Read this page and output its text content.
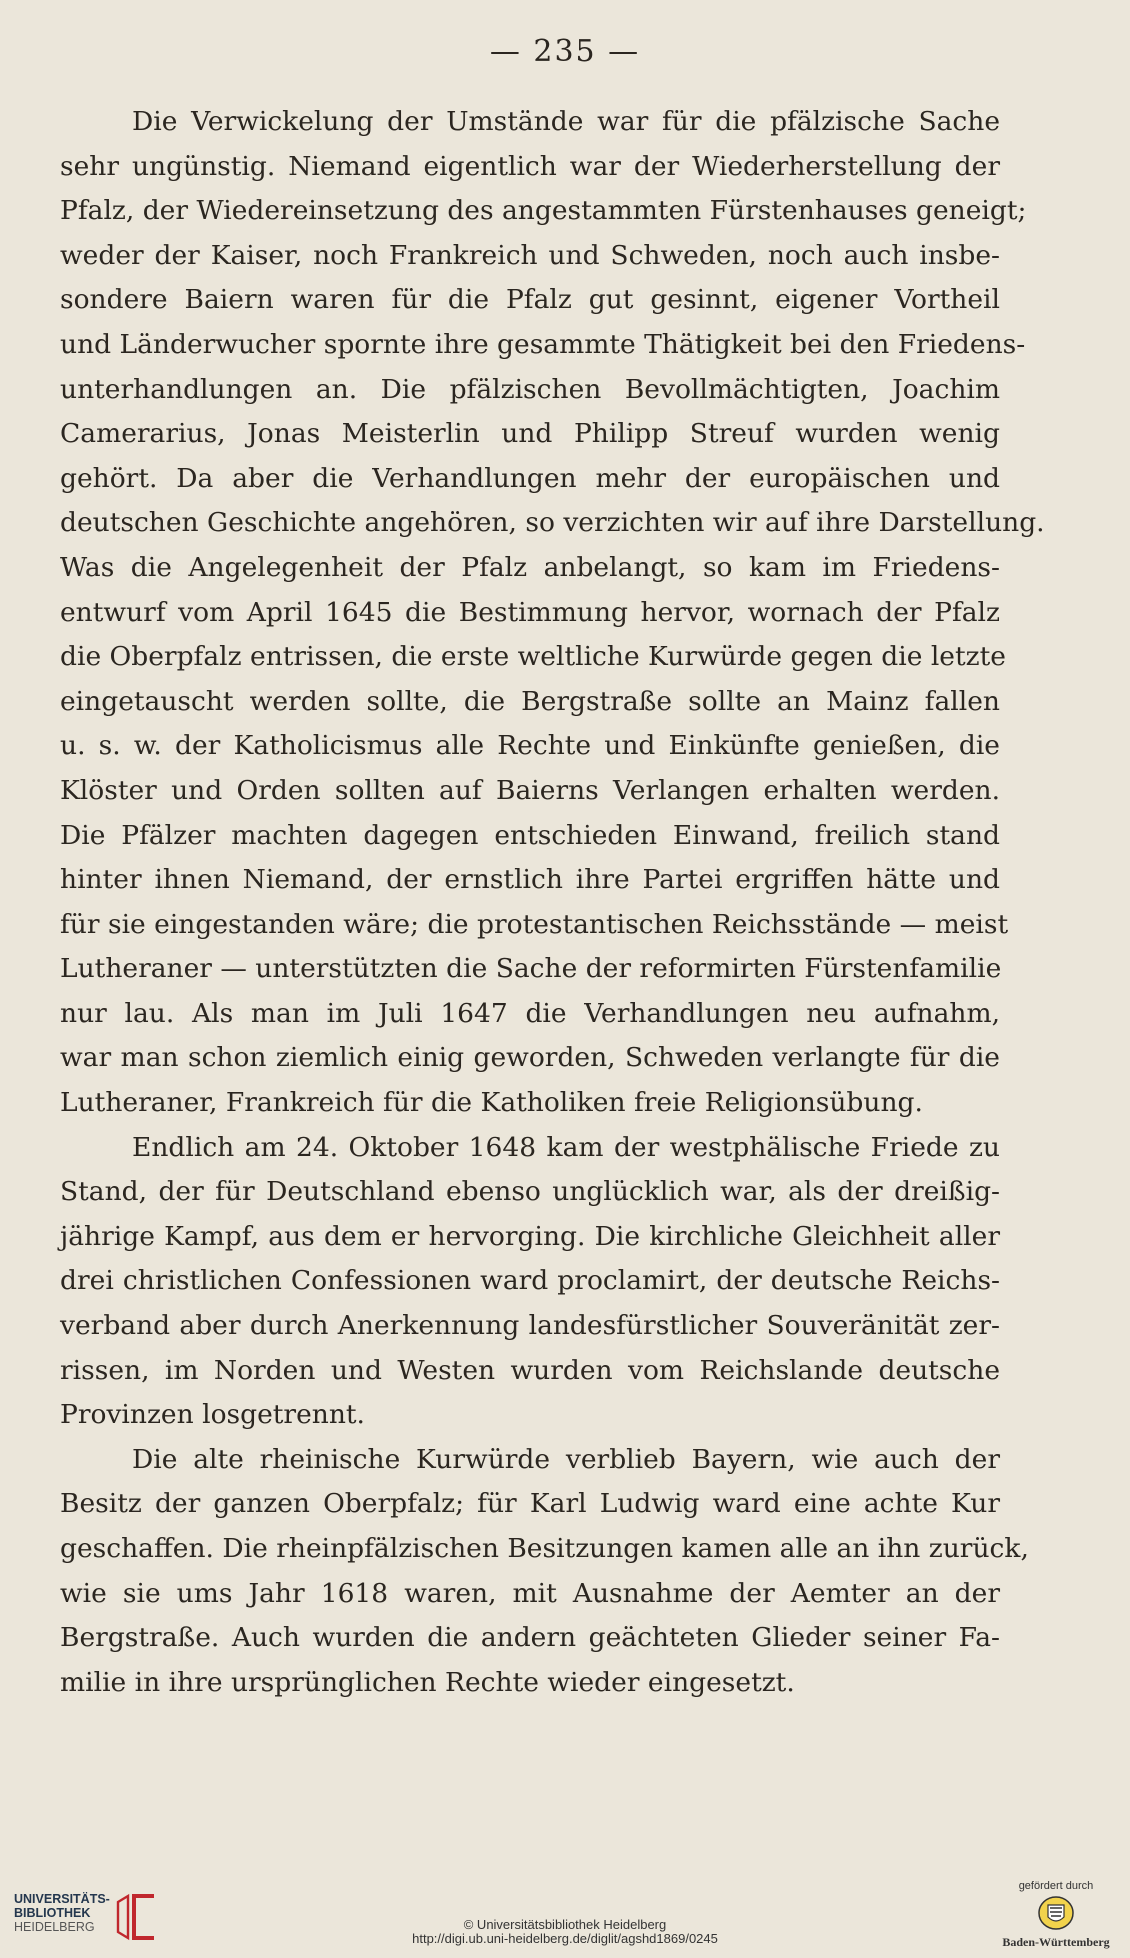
— 235 —
Die Verwickelung der Umstände war für die pfälzische Sache
sehr ungünstig. Niemand eigentlich war der Wiederherstellung der
Pfalz, der Wiedereinsetzung des angestammten Fürstenhauses geneigt;
weder der Kaiser, noch Frankreich und Schweden, noch auch insbe-
sondere Baiern waren für die Pfalz gut gesinnt, eigener Vortheil
und Länderwucher spornte ihre gesammte Thätigkeit bei den Friedens-
unterhandlungen an. Die pfälzischen Bevollmächtigten, Joachim
Camerarius, Jonas Meisterlin und Philipp Streuf wurden wenig
gehört. Da aber die Verhandlungen mehr der europäischen und
deutschen Geschichte angehören, so verzichten wir auf ihre Darstellung.
Was die Angelegenheit der Pfalz anbelangt, so kam im Friedens-
entwurf vom April 1645 die Bestimmung hervor, wornach der Pfalz
die Oberpfalz entrissen, die erste weltliche Kurwürde gegen die letzte
eingetauscht werden sollte, die Bergstraße sollte an Mainz fallen
u. s. w. der Katholicismus alle Rechte und Einkünfte genießen, die
Klöster und Orden sollten auf Baierns Verlangen erhalten werden.
Die Pfälzer machten dagegen entschieden Einwand, freilich stand
hinter ihnen Niemand, der ernstlich ihre Partei ergriffen hätte und
für sie eingestanden wäre; die protestantischen Reichsstände — meist
Lutheraner — unterstützten die Sache der reformirten Fürstenfamilie
nur lau. Als man im Juli 1647 die Verhandlungen neu aufnahm,
war man schon ziemlich einig geworden, Schweden verlangte für die
Lutheraner, Frankreich für die Katholiken freie Religionsübung.
Endlich am 24. Oktober 1648 kam der westphälische Friede zu
Stand, der für Deutschland ebenso unglücklich war, als der dreißig-
jährige Kampf, aus dem er hervorging. Die kirchliche Gleichheit aller
drei christlichen Confessionen ward proclamirt, der deutsche Reichs-
verband aber durch Anerkennung landesfürstlicher Souveränität zer-
rissen, im Norden und Westen wurden vom Reichslande deutsche
Provinzen losgetrennt.
Die alte rheinische Kurwürde verblieb Bayern, wie auch der
Besitz der ganzen Oberpfalz; für Karl Ludwig ward eine achte Kur
geschaffen. Die rheinpfälzischen Besitzungen kamen alle an ihn zurück,
wie sie ums Jahr 1618 waren, mit Ausnahme der Aemter an der
Bergstraße. Auch wurden die andern geächteten Glieder seiner Fa-
milie in ihre ursprünglichen Rechte wieder eingesetzt.
UNIVERSITÄTS-
BIBLIOTHEK
HEIDELBERG	© Universitätsbibliothek Heidelberg
http://digi.ub.uni-heidelberg.de/diglit/agshd1869/0245
gefördert durch
Baden-Württemberg
